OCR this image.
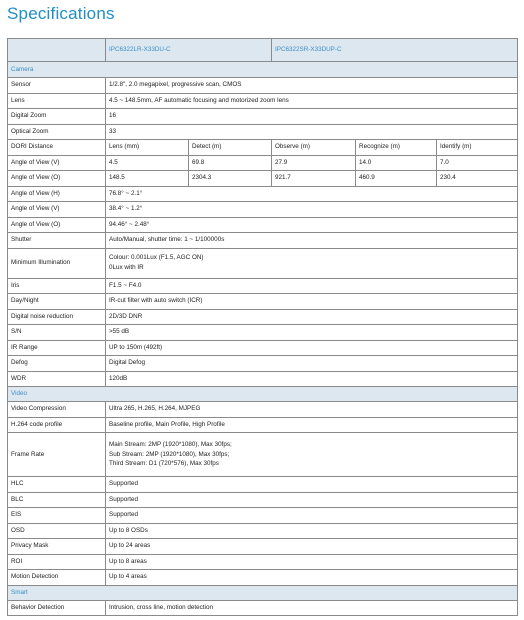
Specifications
	IPC6322LR-X33DU-C		IPC6322SR-X33DUP-C		
Camera					
Sensor	1/2.8", 2.0 megapixel, progressive scan, CMOS				
Lens	4.5 ~ 148.5mm, AF automatic focusing and motorized zoom lens				
Digital Zoom	16				
Optical Zoom	33				
DORI Distance	Lens (mm)	Detect (m)	Observe (m)	Recognize (m)	Identify (m)
Angle of View (V)	4.5	69.8	27.9	14.0	7.0
Angle of View (O)	148.5	2304.3	921.7	460.9	230.4
Angle of View (H)	76.8° ~ 2.1°				
Angle of View (V)	38.4° ~ 1.2°				
Angle of View (O)	94.46° ~ 2.48°				
Shutter	Auto/Manual, shutter time: 1 ~ 1/100000s				
Minimum Illumination	Colour: 0.001Lux (F1.5, AGC ON)
0Lux with IR				

Iris	F1.5 ~ F4.0				
Day/Night	IR-cut filter with auto switch (ICR)				
Digital noise reduction	2D/3D DNR				
S/N	>55 dB				
IR Range	UP to 150m (492ft)				
Defog	Digital Defog				
WDR	120dB				
Video					
Video Compression	Ultra 265, H.265, H.264, MJPEG				
H.264 code profile	Baseline profile, Main Profile, High Profile				
Frame Rate	Main Stream: 2MP (1920*1080), Max 30fps;
Sub Stream: 2MP (1920*1080), Max 30fps;
Third Stream: D1 (720*576), Max 30fps				

HLC	Supported				
BLC	Supported				
EIS	Supported				
OSD	Up to 8 OSDs				
Privacy Mask	Up to 24 areas				
ROI	Up to 8 areas				
Motion Detection	Up to 4 areas				
Smart					
Behavior Detection	Intrusion, cross line, motion detection				
